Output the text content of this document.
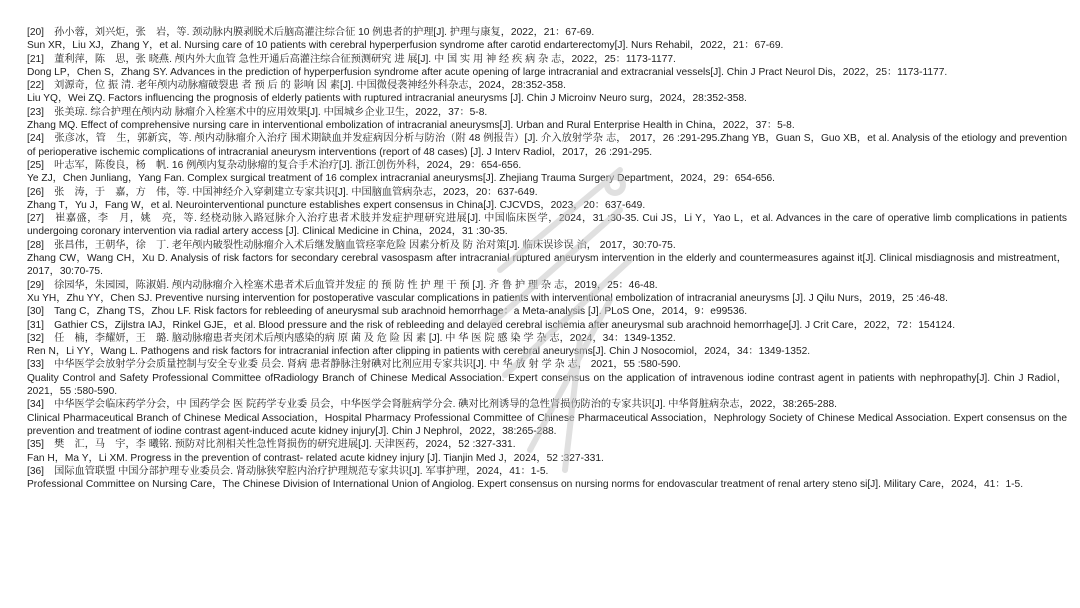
[20]　孙小蓉，刘兴炬，张　岩，等. 颈动脉内膜剥脱术后脑高灌注综合征 10 例患者的护理[J]. 护理与康复，2022，21：67-69.

Sun XR，Liu XJ，Zhang Y，et al. Nursing care of 10 patients with cerebral hyperperfusion syndrome after carotid endarterectomy[J]. Nurs Rehabil，2022，21：67-69.

[21]　董利萍，陈　思，张 晓燕. 颅内外大血管 急性开通后高灌注综合征预测研究 进 展[J]. 中 国 实 用 神 经 疾 病 杂 志，2022，25：1173-1177.

Dong LP，Chen S，Zhang SY. Advances in the prediction of hyperperfusion syndrome after acute opening of large intracranial and extracranial vessels[J]. Chin J Pract Neurol Dis，2022，25：1173-1177.

[22]　刘源奇，位 振 清. 老年颅内动脉瘤破裂患 者 预 后 的 影响 因 素[J]. 中国微侵袭神经外科杂志，2024，28:352-358.

Liu YQ，Wei ZQ. Factors influencing the prognosis of elderly patients with ruptured intracranial aneurysms [J]. Chin J Microinv Neuro surg，2024，28:352-358.

[23]　张美琼. 综合护理在颅内动 脉瘤介入栓塞术中的应用效果[J]. 中国城乡企业卫生，2022，37：5-8.

Zhang MQ. Effect of comprehensive nursing care in interventional embolization of intracranial aneurysms[J]. Urban and Rural Enterprise Health in China，2022，37：5-8.

[24]　张彦冰，管　生，郭新宾，等. 颅内动脉瘤介入治疗 围术期缺血并发症病因分析与防治（附 48 例报告）[J]. 介入放射学杂 志， 2017，26 :291-295.Zhang YB，Guan S，Guo XB，et al. Analysis of the etiology and prevention of perioperative ischemic complications of intracranial aneurysm interventions (report of 48 cases) [J]. J Interv Radiol，2017，26 :291-295.

[25]　叶志军，陈俊良，杨　帆. 16 例颅内复杂动脉瘤的复合手术治疗[J]. 浙江创伤外科，2024，29：654-656.

Ye ZJ，Chen Junliang，Yang Fan. Complex surgical treatment of 16 complex intracranial aneurysms[J]. Zhejiang Trauma Surgery Department，2024，29：654-656.

[26]　张　涛，于　嘉，方　伟，等. 中国神经介入穿刺建立专家共识[J]. 中国脑血管病杂志，2023，20：637-649.

Zhang T，Yu J，Fang W，et al. Neurointerventional puncture establishes expert consensus in China[J]. CJCVDS，2023，20：637-649.

[27]　崔嘉盛，李　月，姚　亮，等. 经桡动脉入路冠脉介入治疗患者术肢并发症护理研究进展[J]. 中国临床医学，2024，31 :30-35. Cui JS，Li Y，Yao L，et al. Advances in the care of operative limb complications in patients undergoing coronary intervention via radial artery access [J]. Clinical Medicine in China，2024，31 :30-35.

[28]　张昌伟，王朝华，徐　丁. 老年颅内破裂性动脉瘤介入术后继发脑血管痉挛危险 因素分析及 防 治对策[J]. 临床误诊误 治， 2017，30:70-75.

Zhang CW，Wang CH，Xu D. Analysis of risk factors for secondary cerebral vasospasm after intracranial ruptured aneurysm intervention in the elderly and countermeasures against it[J]. Clinical misdiagnosis and mistreatment，2017，30:70-75.

[29]　徐园华，朱园园，陈淑娟. 颅内动脉瘤介入栓塞术患者术后血管并发症 的 预 防 性 护 理 干 预 [J]. 齐 鲁 护 理 杂 志，2019，25：46-48.

Xu YH，Zhu YY，Chen SJ. Preventive nursing intervention for postoperative vascular complications in patients with interventional embolization of intracranial aneurysms [J]. J Qilu Nurs，2019，25 :46-48.

[30]　Tang C，Zhang TS，Zhou LF. Risk factors for rebleeding of aneurysmal sub arachnoid hemorrhage：a Meta-analysis [J]. PLoS One，2014，9：e99536.

[31]　Gathier CS，Zijlstra IAJ，Rinkel GJE，et al. Blood pressure and the risk of rebleeding and delayed cerebral ischemia after aneurysmal sub arachnoid hemorrhage[J]. J Crit Care，2022，72：154124.

[32]　任　楠，李耀妍，王　璐. 脑动脉瘤患者夹闭术后颅内感染的病 原 菌 及 危 险 因 素 [J]. 中 华 医 院 感 染 学 杂 志，2024，34：1349-1352.

Ren N，Li YY，Wang L. Pathogens and risk factors for intracranial infection after clipping in patients with cerebral aneurysms[J]. Chin J Nosocomiol，2024，34：1349-1352.

[33]　中华医学会放射学分会质量控制与安全专业委 员会. 肾病 患者静脉注射碘对比剂应用专家共识[J]. 中 华 放 射 学 杂 志， 2021，55 :580-590.

Quality Control and Safety Professional Committee ofRadiology Branch of Chinese Medical Association. Expert consensus on the application of intravenous iodine contrast agent in patients with nephropathy[J]. Chin J Radiol，2021，55 :580-590.

[34]　中华医学会临床药学分会，中 国药学会 医 院药学专业委 员会，中华医学会肾脏病学分会. 碘对比剂诱导的急性肾损伤防治的专家共识[J]. 中华肾脏病杂志，2022，38:265-288.

Clinical Pharmaceutical Branch of Chinese Medical Association，Hospital Pharmacy Professional Committee of Chinese Pharmaceutical Association，Nephrology Society of Chinese Medical Association. Expert consensus on the prevention and treatment of iodine contrast agent-induced acute kidney injury[J]. Chin J Nephrol，2022，38:265-288.

[35]　樊　汇，马　宇，李 曦铭. 预防对比剂相关性急性肾损伤的研究进展[J]. 天津医药，2024，52 :327-331.

Fan H，Ma Y，Li XM. Progress in the prevention of contrast- related acute kidney injury [J]. Tianjin Med J，2024，52 :327-331.

[36]　国际血管联盟 中国分部护理专业委员会. 肾动脉狭窄腔内治疗护理规范专家共识[J]. 军事护理，2024，41：1-5.

Professional Committee on Nursing Care，The Chinese Division of International Union of Angiolog. Expert consensus on nursing norms for endovascular treatment of renal artery steno si[J]. Military Care，2024，41：1-5.
